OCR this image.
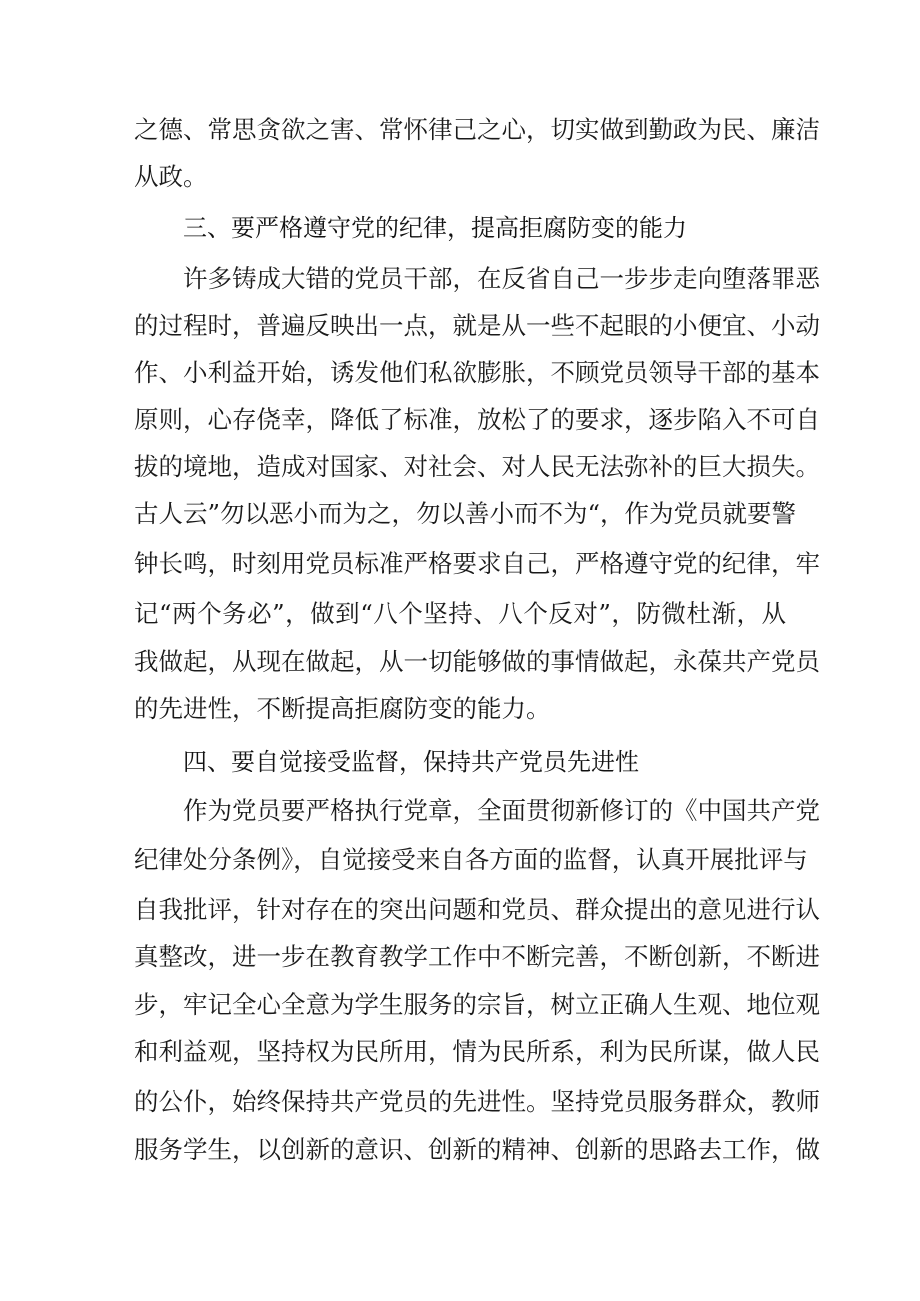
之德、常思贪欲之害、常怀律己之心，切实做到勤政为民、廉洁
从政。
三、要严格遵守党的纪律，提高拒腐防变的能力
许多铸成大错的党员干部，在反省自己一步步走向堕落罪恶
的过程时，普遍反映出一点，就是从一些不起眼的小便宜、小动
作、小利益开始，诱发他们私欲膨胀，不顾党员领导干部的基本
原则，心存侥幸，降低了标准，放松了的要求，逐步陷入不可自
拔的境地，造成对国家、对社会、对人民无法弥补的巨大损失。
古人云”勿以恶小而为之，勿以善小而不为“，作为党员就要警
钟长鸣，时刻用党员标准严格要求自己，严格遵守党的纪律，牢
记“两个务必”，做到“八个坚持、八个反对”，防微杜渐，从
我做起，从现在做起，从一切能够做的事情做起，永葆共产党员
的先进性，不断提高拒腐防变的能力。
四、要自觉接受监督，保持共产党员先进性
作为党员要严格执行党章，全面贯彻新修订的《中国共产党
纪律处分条例》，自觉接受来自各方面的监督，认真开展批评与
自我批评，针对存在的突出问题和党员、群众提出的意见进行认
真整改，进一步在教育教学工作中不断完善，不断创新，不断进
步，牢记全心全意为学生服务的宗旨，树立正确人生观、地位观
和利益观，坚持权为民所用，情为民所系，利为民所谋，做人民
的公仆，始终保持共产党员的先进性。坚持党员服务群众，教师
服务学生，以创新的意识、创新的精神、创新的思路去工作，做
